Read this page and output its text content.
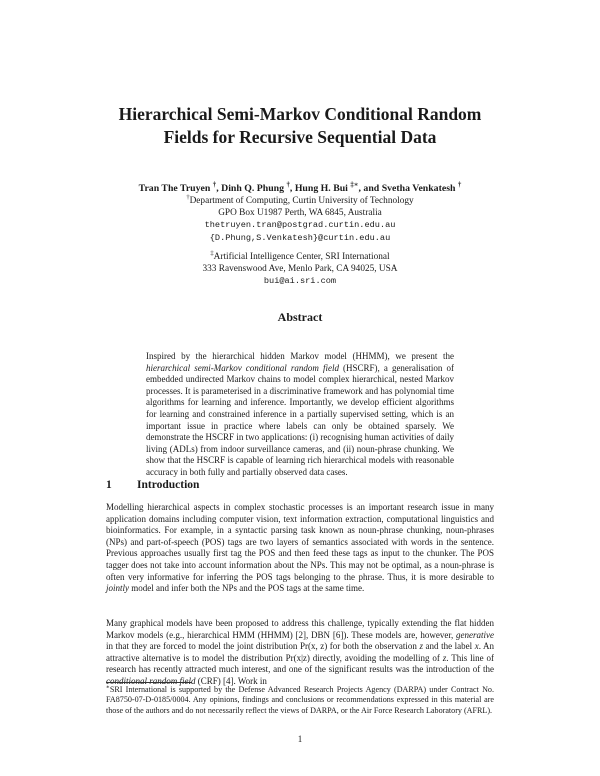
Hierarchical Semi-Markov Conditional Random
Fields for Recursive Sequential Data
Tran The Truyen †, Dinh Q. Phung †, Hung H. Bui ‡∗, and Svetha Venkatesh †
†Department of Computing, Curtin University of Technology
GPO Box U1987 Perth, WA 6845, Australia
thetruyen.tran@postgrad.curtin.edu.au
{D.Phung,S.Venkatesh}@curtin.edu.au
‡Artificial Intelligence Center, SRI International
333 Ravenswood Ave, Menlo Park, CA 94025, USA
bui@ai.sri.com
Abstract
Inspired by the hierarchical hidden Markov model (HHMM), we present the hierarchical semi-Markov conditional random field (HSCRF), a generalisation of embedded undirected Markov chains to model complex hierarchical, nested Markov processes. It is parameterised in a discriminative framework and has polynomial time algorithms for learning and inference. Importantly, we develop efficient algorithms for learning and constrained inference in a partially supervised setting, which is an important issue in practice where labels can only be obtained sparsely. We demonstrate the HSCRF in two applications: (i) recognising human activities of daily living (ADLs) from indoor surveillance cameras, and (ii) noun-phrase chunking. We show that the HSCRF is capable of learning rich hierarchical models with reasonable accuracy in both fully and partially observed data cases.
1 Introduction
Modelling hierarchical aspects in complex stochastic processes is an important research issue in many application domains including computer vision, text information extraction, computational linguistics and bioinformatics. For example, in a syntactic parsing task known as noun-phrase chunking, noun-phrases (NPs) and part-of-speech (POS) tags are two layers of semantics associated with words in the sentence. Previous approaches usually first tag the POS and then feed these tags as input to the chunker. The POS tagger does not take into account information about the NPs. This may not be optimal, as a noun-phrase is often very informative for inferring the POS tags belonging to the phrase. Thus, it is more desirable to jointly model and infer both the NPs and the POS tags at the same time.
Many graphical models have been proposed to address this challenge, typically extending the flat hidden Markov models (e.g., hierarchical HMM (HHMM) [2], DBN [6]). These models are, however, generative in that they are forced to model the joint distribution Pr(x, z) for both the observation z and the label x. An attractive alternative is to model the distribution Pr(x|z) directly, avoiding the modelling of z. This line of research has recently attracted much interest, and one of the significant results was the introduction of the conditional random field (CRF) [4]. Work in
∗SRI International is supported by the Defense Advanced Research Projects Agency (DARPA) under Contract No. FA8750-07-D-0185/0004. Any opinions, findings and conclusions or recommendations expressed in this material are those of the authors and do not necessarily reflect the views of DARPA, or the Air Force Research Laboratory (AFRL).
1
